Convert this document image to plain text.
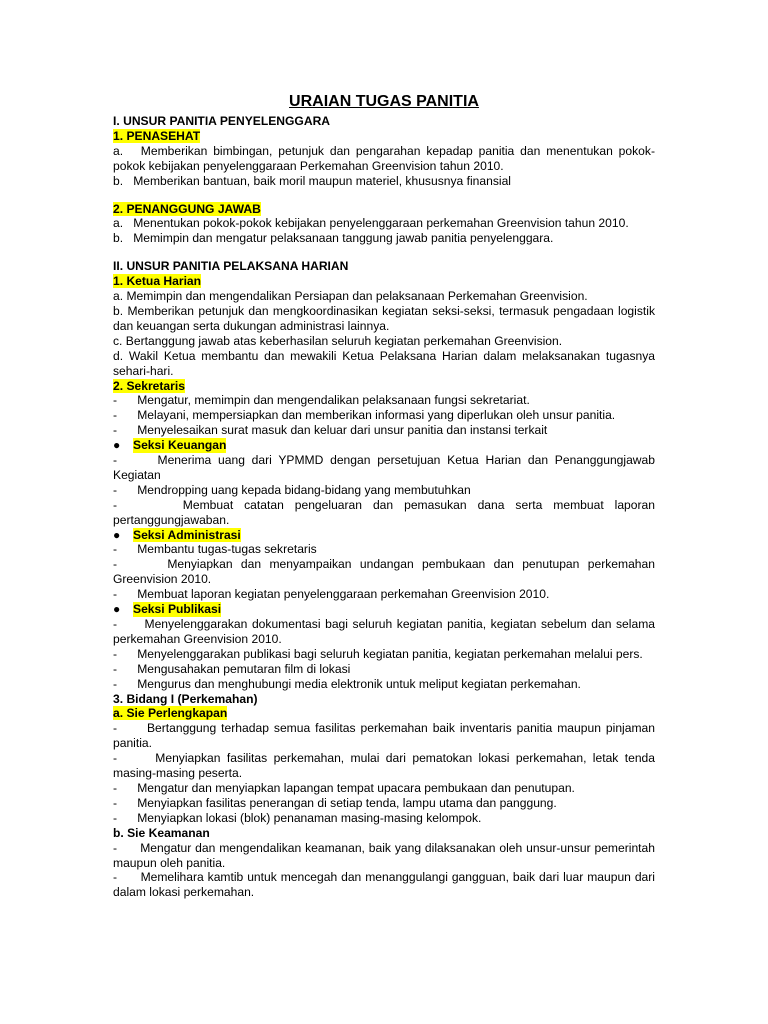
URAIAN TUGAS PANITIA
I. UNSUR PANITIA PENYELENGGARA
1. PENASEHAT
a. Memberikan bimbingan, petunjuk dan pengarahan kepadap panitia dan menentukan pokok-pokok kebijakan penyelenggaraan Perkemahan Greenvision tahun 2010.
b. Memberikan bantuan, baik moril maupun materiel, khususnya finansial
2. PENANGGUNG JAWAB
a. Menentukan pokok-pokok kebijakan penyelenggaraan perkemahan Greenvision tahun 2010.
b. Memimpin dan mengatur pelaksanaan tanggung jawab panitia penyelenggara.
II. UNSUR PANITIA PELAKSANA HARIAN
1. Ketua Harian
a. Memimpin dan mengendalikan Persiapan dan pelaksanaan Perkemahan Greenvision.
b. Memberikan petunjuk dan mengkoordinasikan kegiatan seksi-seksi, termasuk pengadaan logistik dan keuangan serta dukungan administrasi lainnya.
c. Bertanggung jawab atas keberhasilan seluruh kegiatan perkemahan Greenvision.
d. Wakil Ketua membantu dan mewakili Ketua Pelaksana Harian dalam melaksanakan tugasnya sehari-hari.
2. Sekretaris
- Mengatur, memimpin dan mengendalikan pelaksanaan fungsi sekretariat.
- Melayani, mempersiapkan dan memberikan informasi yang diperlukan oleh unsur panitia.
- Menyelesaikan surat masuk dan keluar dari unsur panitia dan instansi terkait
●	Seksi Keuangan
-	Menerima uang dari YPMMD dengan persetujuan Ketua Harian dan Penanggungjawab Kegiatan
- Mendropping uang kepada bidang-bidang yang membutuhkan
-	Membuat catatan pengeluaran dan pemasukan dana serta membuat laporan pertanggungjawaban.
●	Seksi Administrasi
- Membantu tugas-tugas sekretaris
-	Menyiapkan dan menyampaikan undangan pembukaan dan penutupan perkemahan Greenvision 2010.
- Membuat laporan kegiatan penyelenggaraan perkemahan Greenvision 2010.
●	Seksi Publikasi
- Menyelenggarakan dokumentasi bagi seluruh kegiatan panitia, kegiatan sebelum dan selama perkemahan Greenvision 2010.
- Menyelenggarakan publikasi bagi seluruh kegiatan panitia, kegiatan perkemahan melalui pers.
- Mengusahakan pemutaran film di lokasi
- Mengurus dan menghubungi media elektronik untuk meliput kegiatan perkemahan.
3. Bidang I (Perkemahan)
a. Sie Perlengkapan
- Bertanggung terhadap semua fasilitas perkemahan baik inventaris panitia maupun pinjaman panitia.
-	Menyiapkan fasilitas perkemahan, mulai dari pematokan lokasi perkemahan, letak tenda masing-masing peserta.
- Mengatur dan menyiapkan lapangan tempat upacara pembukaan dan penutupan.
- Menyiapkan fasilitas penerangan di setiap tenda, lampu utama dan panggung.
- Menyiapkan lokasi (blok) penanaman masing-masing kelompok.
b. Sie Keamanan
- Mengatur dan mengendalikan keamanan, baik yang dilaksanakan oleh unsur-unsur pemerintah maupun oleh panitia.
- Memelihara kamtib untuk mencegah dan menanggulangi gangguan, baik dari luar maupun dari dalam lokasi perkemahan.
